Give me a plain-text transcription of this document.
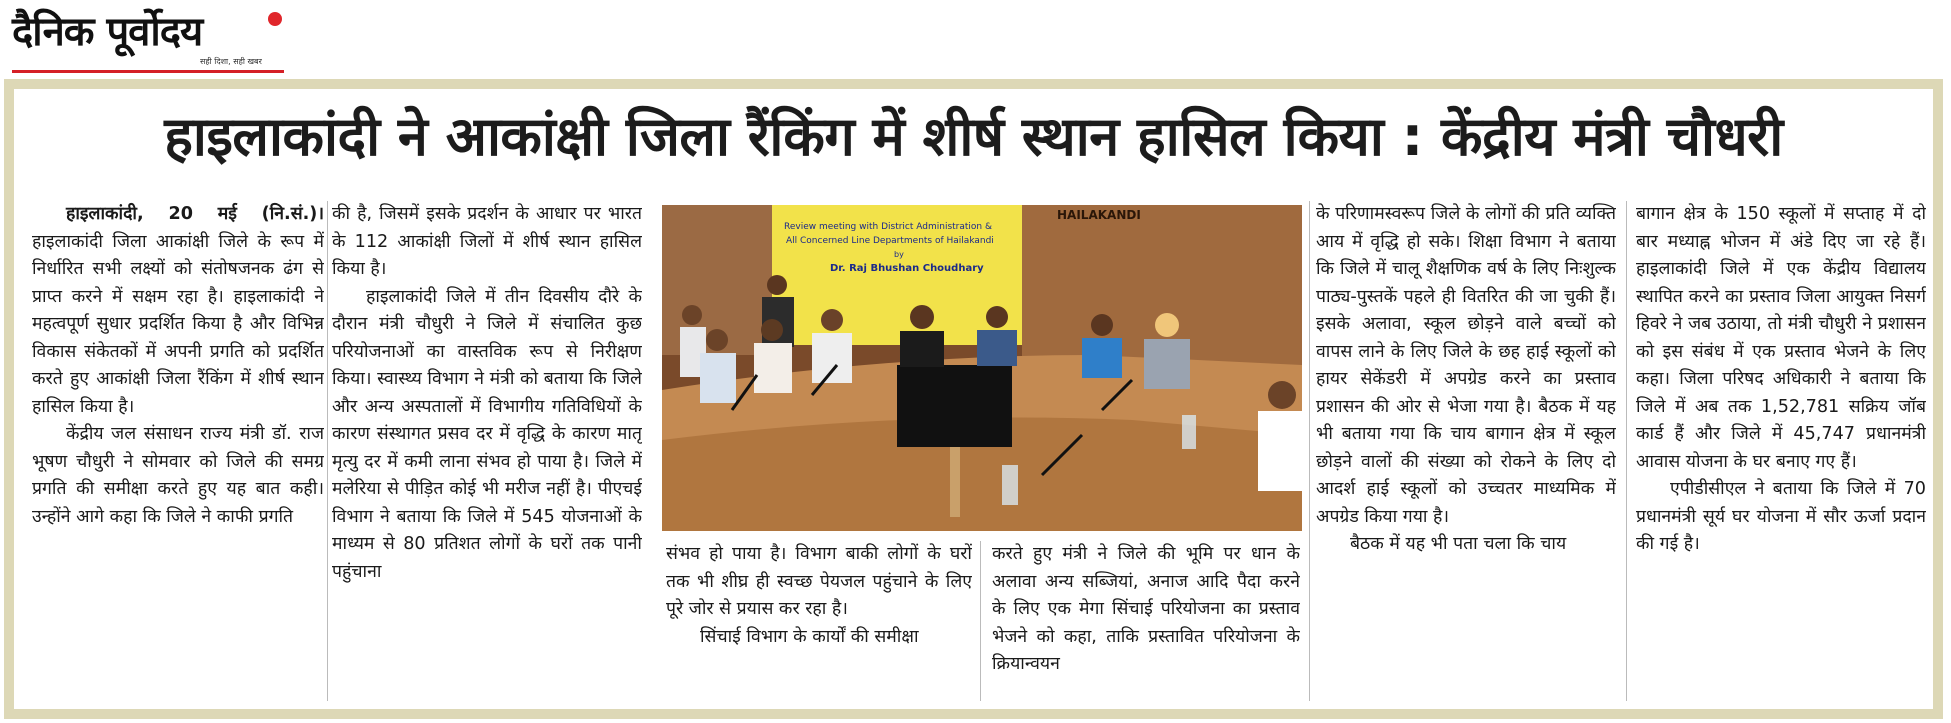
दैनिक पूर्वोदय
सही दिशा, सही खबर
हाइलाकांदी ने आकांक्षी जिला रैंकिंग में शीर्ष स्थान हासिल किया : केंद्रीय मंत्री चौधरी

हाइलाकांदी, 20 मई (नि.सं.)। हाइलाकांदी जिला आकांक्षी जिले के रूप में निर्धारित सभी लक्ष्यों को संतोषजनक ढंग से प्राप्त करने में सक्षम रहा है। हाइलाकांदी ने महत्वपूर्ण सुधार प्रदर्शित किया है और विभिन्न विकास संकेतकों में अपनी प्रगति को प्रदर्शित करते हुए आकांक्षी जिला रैंकिंग में शीर्ष स्थान हासिल किया है।

केंद्रीय जल संसाधन राज्य मंत्री डॉ. राज भूषण चौधुरी ने सोमवार को जिले की समग्र प्रगति की समीक्षा करते हुए यह बात कही। उन्होंने आगे कहा कि जिले ने काफी प्रगति

की है, जिसमें इसके प्रदर्शन के आधार पर भारत के 112 आकांक्षी जिलों में शीर्ष स्थान हासिल किया है।

हाइलाकांदी जिले में तीन दिवसीय दौरे के दौरान मंत्री चौधुरी ने जिले में संचालित कुछ परियोजनाओं का वास्तविक रूप से निरीक्षण किया। स्वास्थ्य विभाग ने मंत्री को बताया कि जिले और अन्य अस्पतालों में विभागीय गतिविधियों के कारण संस्थागत प्रसव दर में वृद्धि के कारण मातृ मृत्यु दर में कमी लाना संभव हो पाया है। जिले में मलेरिया से पीड़ित कोई भी मरीज नहीं है। पीएचई विभाग ने बताया कि जिले में 545 योजनाओं के माध्यम से 80 प्रतिशत लोगों के घरों तक पानी पहुंचाना

Review meeting with District Administration &
All Concerned Line Departments of Hailakandi
by
Dr. Raj Bhushan Choudhary
HAILAKANDI

संभव हो पाया है। विभाग बाकी लोगों के घरों तक भी शीघ्र ही स्वच्छ पेयजल पहुंचाने के लिए पूरे जोर से प्रयास कर रहा है।

सिंचाई विभाग के कार्यों की समीक्षा

करते हुए मंत्री ने जिले की भूमि पर धान के अलावा अन्य सब्जियां, अनाज आदि पैदा करने के लिए एक मेगा सिंचाई परियोजना का प्रस्ताव भेजने को कहा, ताकि प्रस्तावित परियोजना के क्रियान्वयन

के परिणामस्वरूप जिले के लोगों की प्रति व्यक्ति आय में वृद्धि हो सके। शिक्षा विभाग ने बताया कि जिले में चालू शैक्षणिक वर्ष के लिए निःशुल्क पाठ्य-पुस्तकें पहले ही वितरित की जा चुकी हैं। इसके अलावा, स्कूल छोड़ने वाले बच्चों को वापस लाने के लिए जिले के छह हाई स्कूलों को हायर सेकेंडरी में अपग्रेड करने का प्रस्ताव प्रशासन की ओर से भेजा गया है। बैठक में यह भी बताया गया कि चाय बागान क्षेत्र में स्कूल छोड़ने वालों की संख्या को रोकने के लिए दो आदर्श हाई स्कूलों को उच्चतर माध्यमिक में अपग्रेड किया गया है।

बैठक में यह भी पता चला कि चाय

बागान क्षेत्र के 150 स्कूलों में सप्ताह में दो बार मध्याह्न भोजन में अंडे दिए जा रहे हैं। हाइलाकांदी जिले में एक केंद्रीय विद्यालय स्थापित करने का प्रस्ताव जिला आयुक्त निसर्ग हिवरे ने जब उठाया, तो मंत्री चौधुरी ने प्रशासन को इस संबंध में एक प्रस्ताव भेजने के लिए कहा। जिला परिषद अधिकारी ने बताया कि जिले में अब तक 1,52,781 सक्रिय जॉब कार्ड हैं और जिले में 45,747 प्रधानमंत्री आवास योजना के घर बनाए गए हैं।

एपीडीसीएल ने बताया कि जिले में 70 प्रधानमंत्री सूर्य घर योजना में सौर ऊर्जा प्रदान की गई है।
